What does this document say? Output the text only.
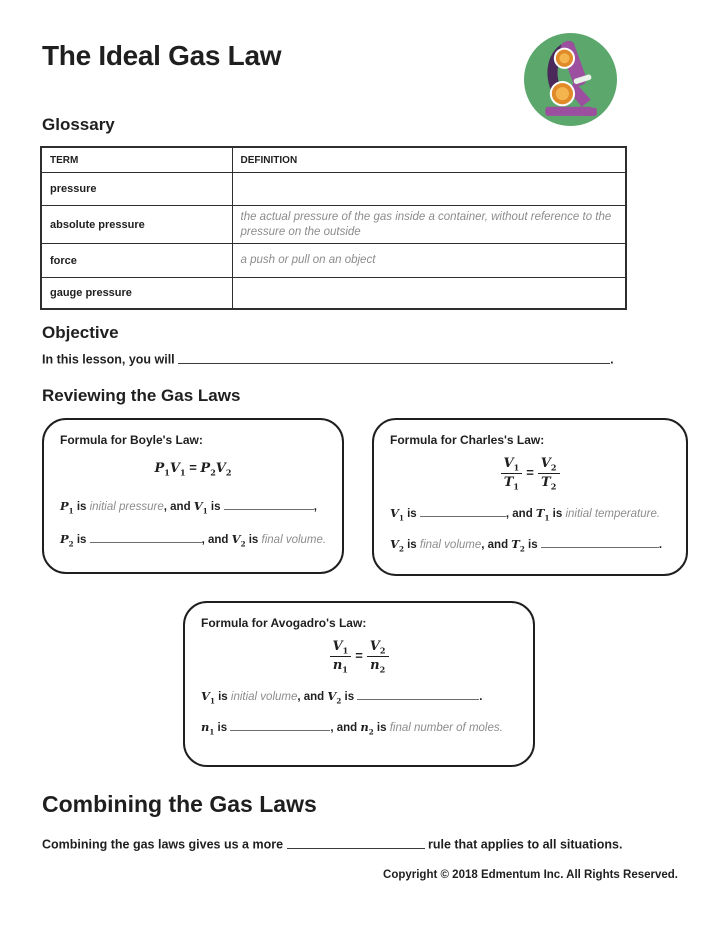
The Ideal Gas Law
Glossary
TERM	DEFINITION
pressure	
absolute pressure	the actual pressure of the gas inside a container, without reference to the pressure on the outside
force	a push or pull on an object
gauge pressure	
Objective
In this lesson, you will	.
Reviewing the Gas Laws
Formula for Boyle's Law:
$P_1V_1 = P_2V_2$
$P_1$ is initial pressure, and $V_1$ is	,
$P_2$ is	, and $V_2$ is final volume.
Formula for Charles's Law:
$\frac{V_1}{T_1} = \frac{V_2}{T_2}$
$V_1$ is	, and $T_1$ is initial temperature.
$V_2$ is final volume, and $T_2$ is	.
Formula for Avogadro's Law:
$\frac{V_1}{n_1} = \frac{V_2}{n_2}$
$V_1$ is initial volume, and $V_2$ is	.
$n_1$ is	, and $n_2$ is final number of moles.
Combining the Gas Laws
Combining the gas laws gives us a more	rule that applies to all situations.
Copyright © 2018 Edmentum Inc. All Rights Reserved.
